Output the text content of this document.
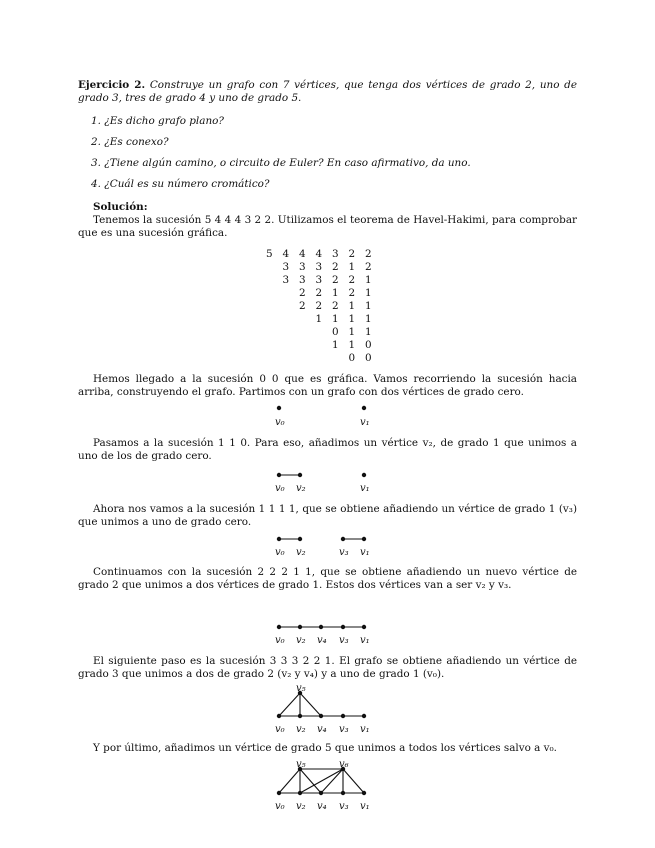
Ejercicio 2. Construye un grafo con 7 vértices, que tenga dos vértices de grado 2, uno de grado 3, tres de grado 4 y uno de grado 5.
1. ¿Es dicho grafo plano?
2. ¿Es conexo?
3. ¿Tiene algún camino, o circuito de Euler? En caso afirmativo, da uno.
4. ¿Cuál es su número cromático?
Solución:
Tenemos la sucesión 5 4 4 4 3 2 2. Utilizamos el teorema de Havel-Hakimi, para comprobar que es una sucesión gráfica.
5	4	4	4	3	2	2
	3	3	3	2	1	2
	3	3	3	2	2	1
		2	2	1	2	1
		2	2	2	1	1
			1	1	1	1
				0	1	1
				1	1	0
					0	0
Hemos llegado a la sucesión 0 0 que es gráfica. Vamos recorriendo la sucesión hacia arriba, construyendo el grafo. Partimos con un grafo con dos vértices de grado cero.
Pasamos a la sucesión 1 1 0. Para eso, añadimos un vértice v₂, de grado 1 que unimos a uno de los de grado cero.
Ahora nos vamos a la sucesión 1 1 1 1, que se obtiene añadiendo un vértice de grado 1 (v₃) que unimos a uno de grado cero.
Continuamos con la sucesión 2 2 2 1 1, que se obtiene añadiendo un nuevo vértice de grado 2 que unimos a dos vértices de grado 1. Estos dos vértices van a ser v₂ y v₃.
El siguiente paso es la sucesión 3 3 3 2 2 1. El grafo se obtiene añadiendo un vértice de grado 3 que unimos a dos de grado 2 (v₂ y v₄) y a uno de grado 1 (v₀).
Y por último, añadimos un vértice de grado 5 que unimos a todos los vértices salvo a v₀.
v₀	v₁
v₀ v₂	v₁
v₀ v₂	v₃ v₁
v₀ v₂ v₄ v₃ v₁
v₅
v₀ v₂ v₄ v₃ v₁
v₅	v₆
v₀ v₂ v₄ v₃ v₁
